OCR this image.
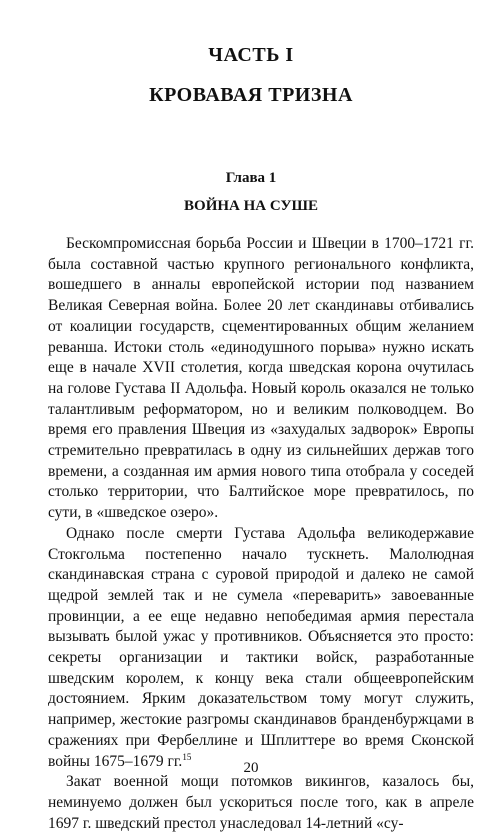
ЧАСТЬ I
КРОВАВАЯ ТРИЗНА
Глава 1
ВОЙНА НА СУШЕ

Бескомпромиссная борьба России и Швеции в 1700–1721 гг. была составной частью крупного регионального конфликта, вошедшего в анналы европейской истории под названием Великая Северная война. Более 20 лет скандинавы отбивались от коалиции государств, сцементированных общим желанием реванша. Истоки столь «единодушного порыва» нужно искать еще в начале XVII столетия, когда шведская корона очутилась на голове Густава II Адольфа. Новый король оказался не только талантливым реформатором, но и великим полководцем. Во время его правления Швеция из «захудалых задворок» Европы стремительно превратилась в одну из сильнейших держав того времени, а созданная им армия нового типа отобрала у соседей столько территории, что Балтийское море превратилось, по сути, в «шведское озеро».

Однако после смерти Густава Адольфа великодержавие Стокгольма постепенно начало тускнеть. Малолюдная скандинавская страна с суровой природой и далеко не самой щедрой землей так и не сумела «переварить» завоеванные провинции, а ее еще недавно непобедимая армия перестала вызывать былой ужас у противников. Объясняется это просто: секреты организации и тактики войск, разработанные шведским королем, к концу века стали общеевропейским достоянием. Ярким доказательством тому могут служить, например, жестокие разгромы скандинавов бранденбуржцами в сражениях при Фербеллине и Шплиттере во время Сконской войны 1675–1679 гг.$^{15}$

Закат военной мощи потомков викингов, казалось бы, неминуемо должен был ускориться после того, как в апреле 1697 г. шведский престол унаследовал 14-летний «су-

20
